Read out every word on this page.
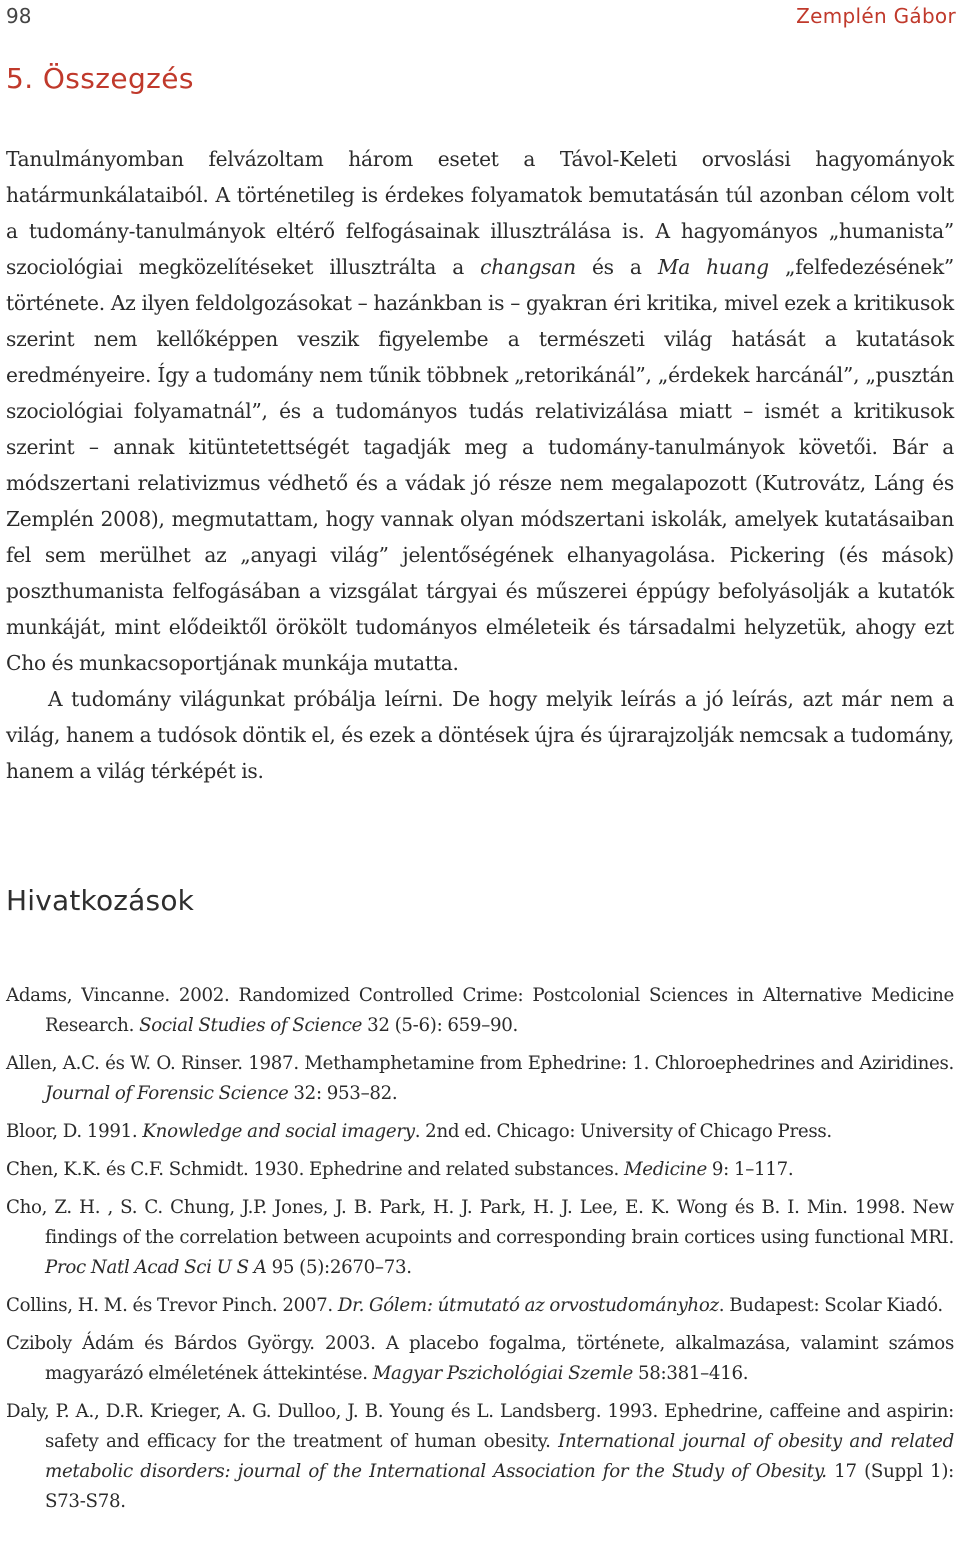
98	Zemplén Gábor
5. Összegzés

Tanulmányomban felvázoltam három esetet a Távol-Keleti orvoslási hagyományok határmunkálataiból. A történetileg is érdekes folyamatok bemutatásán túl azonban célom volt a tudomány-tanulmányok eltérő felfogásainak illusztrálása is. A hagyományos „humanista” szociológiai megközelítéseket illusztrálta a changsan és a Ma huang „felfedezésének” története. Az ilyen feldolgozásokat – hazánkban is – gyakran éri kritika, mivel ezek a kritikusok szerint nem kellőképpen veszik figyelembe a természeti világ hatását a kutatások eredményeire. Így a tudomány nem tűnik többnek „retorikánál”, „érdekek harcánál”, „pusztán szociológiai folyamatnál”, és a tudományos tudás relativizálása miatt – ismét a kritikusok szerint – annak kitüntetettségét tagadják meg a tudomány-tanulmányok követői. Bár a módszertani relativizmus védhető és a vádak jó része nem megalapozott (Kutrovátz, Láng és Zemplén 2008), megmutattam, hogy vannak olyan módszertani iskolák, amelyek kutatásaiban fel sem merülhet az „anyagi világ” jelentőségének elhanyagolása. Pickering (és mások) poszthumanista felfogásában a vizsgálat tárgyai és műszerei éppúgy befolyásolják a kutatók munkáját, mint elődeiktől örökölt tudományos elméleteik és társadalmi helyzetük, ahogy ezt Cho és munkacsoportjának munkája mutatta.

A tudomány világunkat próbálja leírni. De hogy melyik leírás a jó leírás, azt már nem a világ, hanem a tudósok döntik el, és ezek a döntések újra és újrarajzolják nemcsak a tudomány, hanem a világ térképét is.

Hivatkozások

Adams, Vincanne. 2002. Randomized Controlled Crime: Postcolonial Sciences in Alternative Medicine Research. Social Studies of Science 32 (5-6): 659–90.

Allen, A.C. és W. O. Rinser. 1987. Methamphetamine from Ephedrine: 1. Chloroephedrines and Aziridines. Journal of Forensic Science 32: 953–82.

Bloor, D. 1991. Knowledge and social imagery. 2nd ed. Chicago: University of Chicago Press.

Chen, K.K. és C.F. Schmidt. 1930. Ephedrine and related substances. Medicine 9: 1–117.

Cho, Z. H. , S. C. Chung, J.P. Jones, J. B. Park, H. J. Park, H. J. Lee, E. K. Wong és B. I. Min. 1998. New findings of the correlation between acupoints and corresponding brain cortices using functional MRI. Proc Natl Acad Sci U S A 95 (5):2670–73.

Collins, H. M. és Trevor Pinch. 2007. Dr. Gólem: útmutató az orvostudományhoz. Budapest: Scolar Kiadó.

Cziboly Ádám és Bárdos György. 2003. A placebo fogalma, története, alkalmazása, valamint számos magyarázó elméletének áttekintése. Magyar Pszichológiai Szemle 58:381–416.

Daly, P. A., D.R. Krieger, A. G. Dulloo, J. B. Young és L. Landsberg. 1993. Ephedrine, caffeine and aspirin: safety and efficacy for the treatment of human obesity. International journal of obesity and related metabolic disorders: journal of the International Association for the Study of Obesity. 17 (Suppl 1): S73-S78.
